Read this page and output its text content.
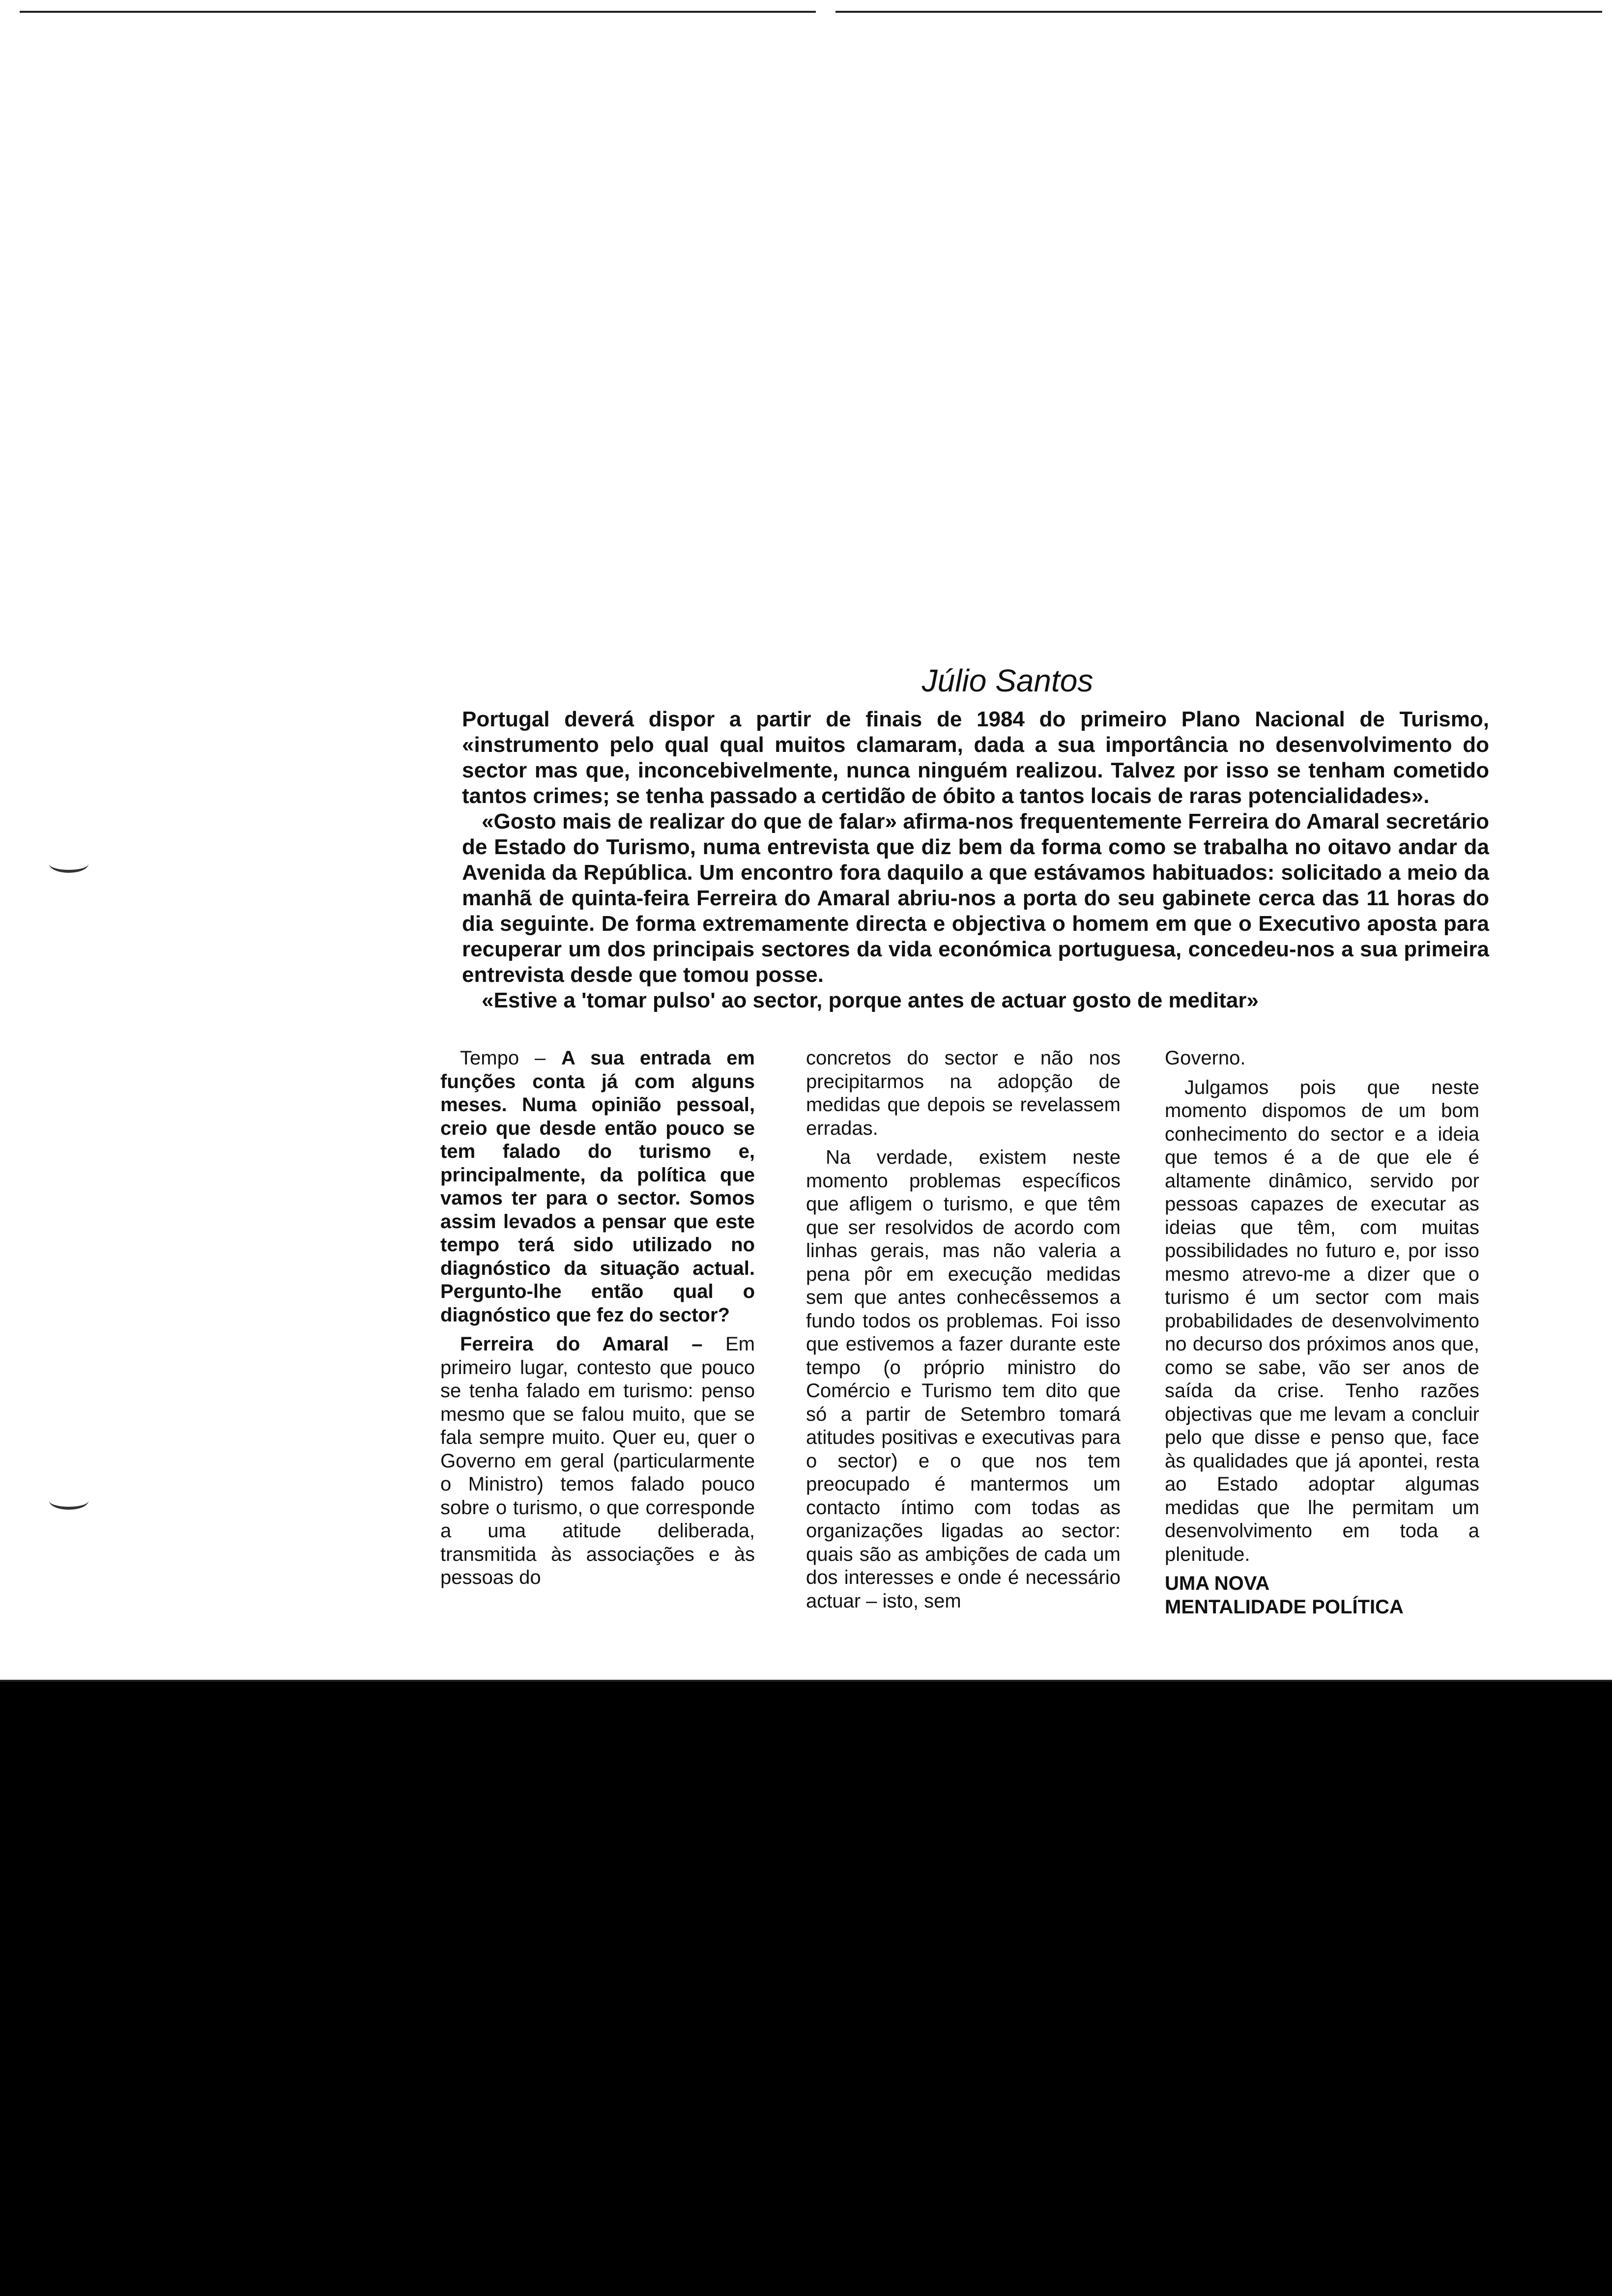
Júlio Santos

Portugal deverá dispor a partir de finais de 1984 do primeiro Plano Nacional de Turismo, «instrumento pelo qual qual muitos clamaram, dada a sua importância no desenvolvimento do sector mas que, inconcebivelmente, nunca ninguém realizou. Talvez por isso se tenham cometido tantos crimes; se tenha passado a certidão de óbito a tantos locais de raras potencialidades».

«Gosto mais de realizar do que de falar» afirma-nos frequentemente Ferreira do Amaral secretário de Estado do Turismo, numa entrevista que diz bem da forma como se trabalha no oitavo andar da Avenida da República. Um encontro fora daquilo a que estávamos habituados: solicitado a meio da manhã de quinta-feira Ferreira do Amaral abriu-nos a porta do seu gabinete cerca das 11 horas do dia seguinte. De forma extremamente directa e objectiva o homem em que o Executivo aposta para recuperar um dos principais sectores da vida económica portuguesa, concedeu-nos a sua primeira entrevista desde que tomou posse.

«Estive a 'tomar pulso' ao sector, porque antes de actuar gosto de meditar»

Tempo – A sua entrada em funções conta já com alguns meses. Numa opinião pessoal, creio que desde então pouco se tem falado do turismo e, principalmente, da política que vamos ter para o sector. Somos assim levados a pensar que este tempo terá sido utilizado no diagnóstico da situação actual. Pergunto-lhe então qual o diagnóstico que fez do sector?

Ferreira do Amaral – Em primeiro lugar, contesto que pouco se tenha falado em turismo: penso mesmo que se falou muito, que se fala sempre muito. Quer eu, quer o Governo em geral (particularmente o Ministro) temos falado pouco sobre o turismo, o que corresponde a uma atitude deliberada, transmitida às associações e às pessoas do

concretos do sector e não nos precipitarmos na adopção de medidas que depois se revelassem erradas.

Na verdade, existem neste momento problemas específicos que afligem o turismo, e que têm que ser resolvidos de acordo com linhas gerais, mas não valeria a pena pôr em execução medidas sem que antes conhecêssemos a fundo todos os problemas. Foi isso que estivemos a fazer durante este tempo (o próprio ministro do Comércio e Turismo tem dito que só a partir de Setembro tomará atitudes positivas e executivas para o sector) e o que nos tem preocupado é mantermos um contacto íntimo com todas as organizações ligadas ao sector: quais são as ambições de cada um dos interesses e onde é necessário actuar – isto, sem

Governo.

Julgamos pois que neste momento dispomos de um bom conhecimento do sector e a ideia que temos é a de que ele é altamente dinâmico, servido por pessoas capazes de executar as ideias que têm, com muitas possibilidades no futuro e, por isso mesmo atrevo-me a dizer que o turismo é um sector com mais probabilidades de desenvolvimento no decurso dos próximos anos que, como se sabe, vão ser anos de saída da crise. Tenho razões objectivas que me levam a concluir pelo que disse e penso que, face às qualidades que já apontei, resta ao Estado adoptar algumas medidas que lhe permitam um desenvolvimento em toda a plenitude.

UMA NOVA

MENTALIDADE POLÍTICA
